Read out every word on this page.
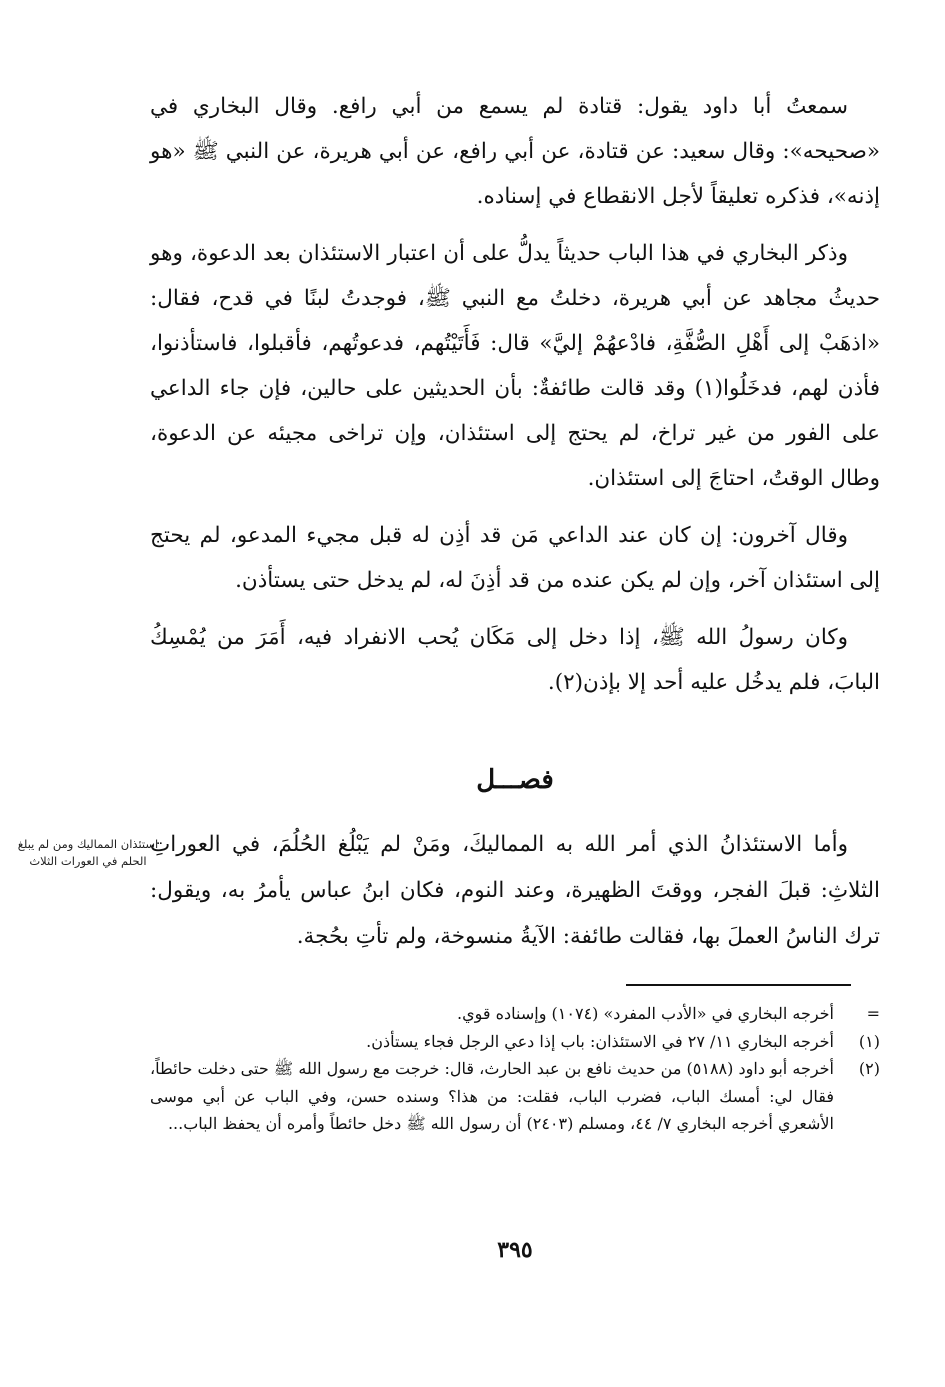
سمعتُ أبا داود يقول: قتادة لم يسمع من أبي رافع. وقال البخاري في «صحيحه»: وقال سعيد: عن قتادة، عن أبي رافع، عن أبي هريرة، عن النبي ﷺ «هو إذنه»، فذكره تعليقاً لأجل الانقطاع في إسناده.

وذكر البخاري في هذا الباب حديثاً يدلُّ على أن اعتبار الاستئذان بعد الدعوة، وهو حديثُ مجاهد عن أبي هريرة، دخلتُ مع النبي ﷺ، فوجدتُ لبنًا في قدح، فقال: «اذهَبْ إلى أَهْلِ الصُّفَّةِ، فادْعهُمْ إليَّ» قال: فَأَتَيْتُهم، فدعوتُهم، فأقبلوا، فاستأذنوا، فأذن لهم، فدخَلُوا(١) وقد قالت طائفةٌ: بأن الحديثين على حالين، فإن جاء الداعي على الفور من غير تراخ، لم يحتج إلى استئذان، وإن تراخى مجيئه عن الدعوة، وطال الوقتُ، احتاجَ إلى استئذان.

وقال آخرون: إن كان عند الداعي مَن قد أذِن له قبل مجيء المدعو، لم يحتج إلى استئذان آخر، وإن لم يكن عنده من قد أذِنَ له، لم يدخل حتى يستأذن.

وكان رسولُ الله ﷺ، إذا دخل إلى مَكَان يُحب الانفراد فيه، أَمَرَ من يُمْسِكُ البابَ، فلم يدخُل عليه أحد إلا بإذن(٢).

فصـــل

وأما الاستئذانُ الذي أمر الله به المماليكَ، ومَنْ لم يَبْلُغ الحُلُمَ، في العوراتِ الثلاثِ: قبلَ الفجر، ووقتَ الظهيرة، وعند النوم، فكان ابنُ عباس يأمرُ به، ويقول: ترك الناسُ العملَ بها، فقالت طائفة: الآيةُ منسوخة، ولم تأتِ بحُجة.

استئذان المماليك ومن لم يبلغ الحلم في العورات الثلاث
=
أخرجه البخاري في «الأدب المفرد» (١٠٧٤) وإسناده قوي.
(١)
أخرجه البخاري ١١/ ٢٧ في الاستئذان: باب إذا دعي الرجل فجاء يستأذن.
(٢)
أخرجه أبو داود (٥١٨٨) من حديث نافع بن عبد الحارث، قال: خرجت مع رسول الله ﷺ حتى دخلت حائطاً، فقال لي: أمسك الباب، فضرب الباب، فقلت: من هذا؟ وسنده حسن، وفي الباب عن أبي موسى الأشعري أخرجه البخاري ٧/ ٤٤، ومسلم (٢٤٠٣) أن رسول الله ﷺ دخل حائطاً وأمره أن يحفظ الباب...
٣٩٥
